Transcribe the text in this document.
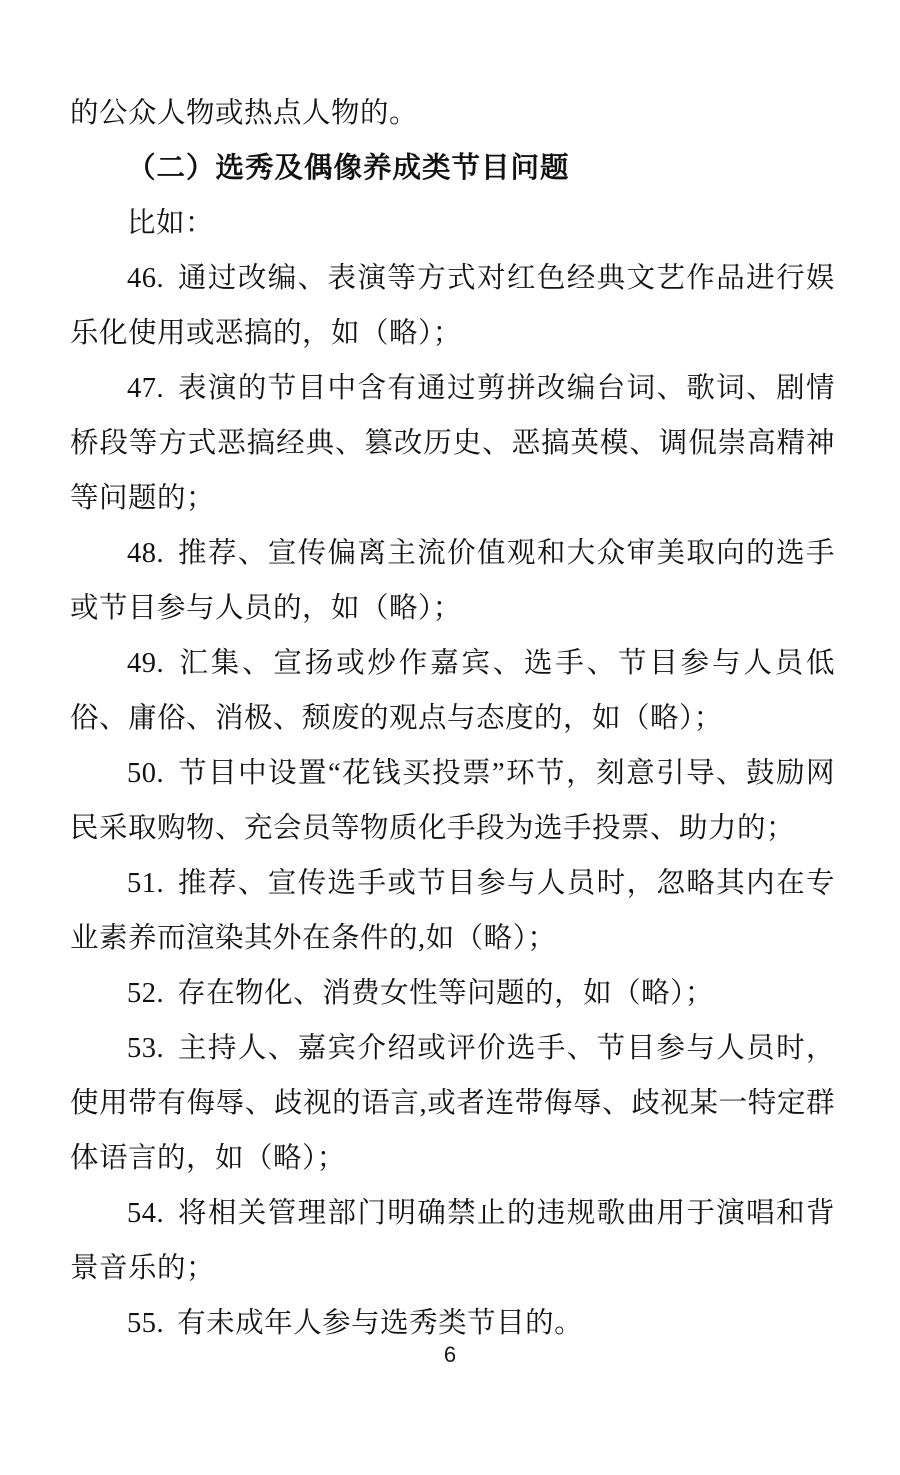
的公众人物或热点人物的。

（二）选秀及偶像养成类节目问题

比如：

46. 通过改编、表演等方式对红色经典文艺作品进行娱乐化使用或恶搞的，如（略）；

47. 表演的节目中含有通过剪拼改编台词、歌词、剧情桥段等方式恶搞经典、篡改历史、恶搞英模、调侃崇高精神等问题的；

48. 推荐、宣传偏离主流价值观和大众审美取向的选手或节目参与人员的，如（略）；

49. 汇集、宣扬或炒作嘉宾、选手、节目参与人员低俗、庸俗、消极、颓废的观点与态度的，如（略）；

50. 节目中设置“花钱买投票”环节，刻意引导、鼓励网民采取购物、充会员等物质化手段为选手投票、助力的；

51. 推荐、宣传选手或节目参与人员时，忽略其内在专业素养而渲染其外在条件的,如（略）；

52. 存在物化、消费女性等问题的，如（略）；

53. 主持人、嘉宾介绍或评价选手、节目参与人员时，使用带有侮辱、歧视的语言,或者连带侮辱、歧视某一特定群体语言的，如（略）；

54. 将相关管理部门明确禁止的违规歌曲用于演唱和背景音乐的；

55. 有未成年人参与选秀类节目的。

6
